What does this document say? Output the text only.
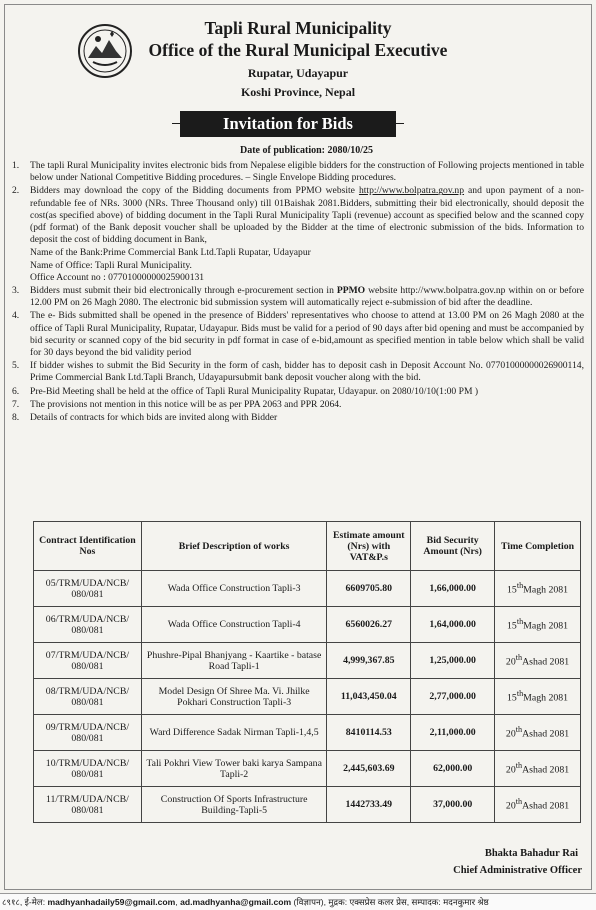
Tapli Rural Municipality
Office of the Rural Municipal Executive
Rupatar, Udayapur
Koshi Province, Nepal
Invitation for Bids
Date of publication: 2080/10/25
1.	The tapli Rural Municipality invites electronic bids from Nepalese eligible bidders for the construction of Following projects mentioned in table below under National Competitive Bidding procedures. – Single Envelope Bidding procedures.
2.	Bidders may download the copy of the Bidding documents from PPMO website http://www.bolpatra.gov.np and upon payment of a non-refundable fee of NRs. 3000 (NRs. Three Thousand only) till 01Baishak 2081.Bidders, submitting their bid electronically, should deposit the cost(as specified above) of bidding document in the Tapli Rural Municipality Tapli (revenue) account as specified below and the scanned copy (pdf format) of the Bank deposit voucher shall be uploaded by the Bidder at the time of electronic submission of the bids. Information to deposit the cost of bidding document in Bank,
Name of the Bank:Prime Commercial Bank Ltd.Tapli Rupatar, Udayapur
Name of Office: Tapli Rural Municipality.
Office Account no : 07701000000025900131
3.	Bidders must submit their bid electronically through e-procurement section in PPMO website http://www.bolpatra.gov.np within on or before 12.00 PM on 26 Magh 2080. The electronic bid submission system will automatically reject e-submission of bid after the deadline.
4.	The e- Bids submitted shall be opened in the presence of Bidders' representatives who choose to attend at 13.00 PM on 26 Magh 2080 at the office of Tapli Rural Municipality, Rupatar, Udayapur. Bids must be valid for a period of 90 days after bid opening and must be accompanied by bid security or scanned copy of the bid security in pdf format in case of e-bid,amount as specified mention in table below which shall be valid for 30 days beyond the bid validity period
5.	If bidder wishes to submit the Bid Security in the form of cash, bidder has to deposit cash in Deposit Account No. 07701000000026900114, Prime Commercial Bank Ltd.Tapli Branch, Udayapursubmit bank deposit voucher along with the bid.
6.	Pre-Bid Meeting shall be held at the office of Tapli Rural Municipality Rupatar, Udayapur. on 2080/10/10(1:00 PM )
7.	The provisions not mention in this notice will be as per PPA 2063 and PPR 2064.
8.	Details of contracts for which bids are invited along with Bidder
Contract Identification Nos	Brief Description of works	Estimate amount (Nrs) with VAT&P.s	Bid Security Amount (Nrs)	Time Completion
05/TRM/UDA/NCB/ 080/081	Wada Office Construction Tapli-3	6609705.80	1,66,000.00	15thMagh 2081
06/TRM/UDA/NCB/ 080/081	Wada Office Construction Tapli-4	6560026.27	1,64,000.00	15thMagh 2081
07/TRM/UDA/NCB/ 080/081	Phushre-Pipal Bhanjyang - Kaartike - batase Road Tapli-1	4,999,367.85	1,25,000.00	20thAshad 2081
08/TRM/UDA/NCB/ 080/081	Model Design Of Shree Ma. Vi. Jhilke Pokhari Construction Tapli-3	11,043,450.04	2,77,000.00	15thMagh 2081
09/TRM/UDA/NCB/ 080/081	Ward Difference Sadak Nirman Tapli-1,4,5	8410114.53	2,11,000.00	20thAshad 2081
10/TRM/UDA/NCB/ 080/081	Tali Pokhri View Tower baki karya Sampana Tapli-2	2,445,603.69	62,000.00	20thAshad 2081
11/TRM/UDA/NCB/ 080/081	Construction Of Sports Infrastructure Building-Tapli-5	1442733.49	37,000.00	20thAshad 2081
Bhakta Bahadur Rai
Chief Administrative Officer
८९१८, ई-मेल: madhyanhadaily59@gmail.com, ad.madhyanha@gmail.com (विज्ञापन), मुद्रक: एक्सप्रेस कलर प्रेस, सम्पादक: मदनकुमार श्रेष्ठ
